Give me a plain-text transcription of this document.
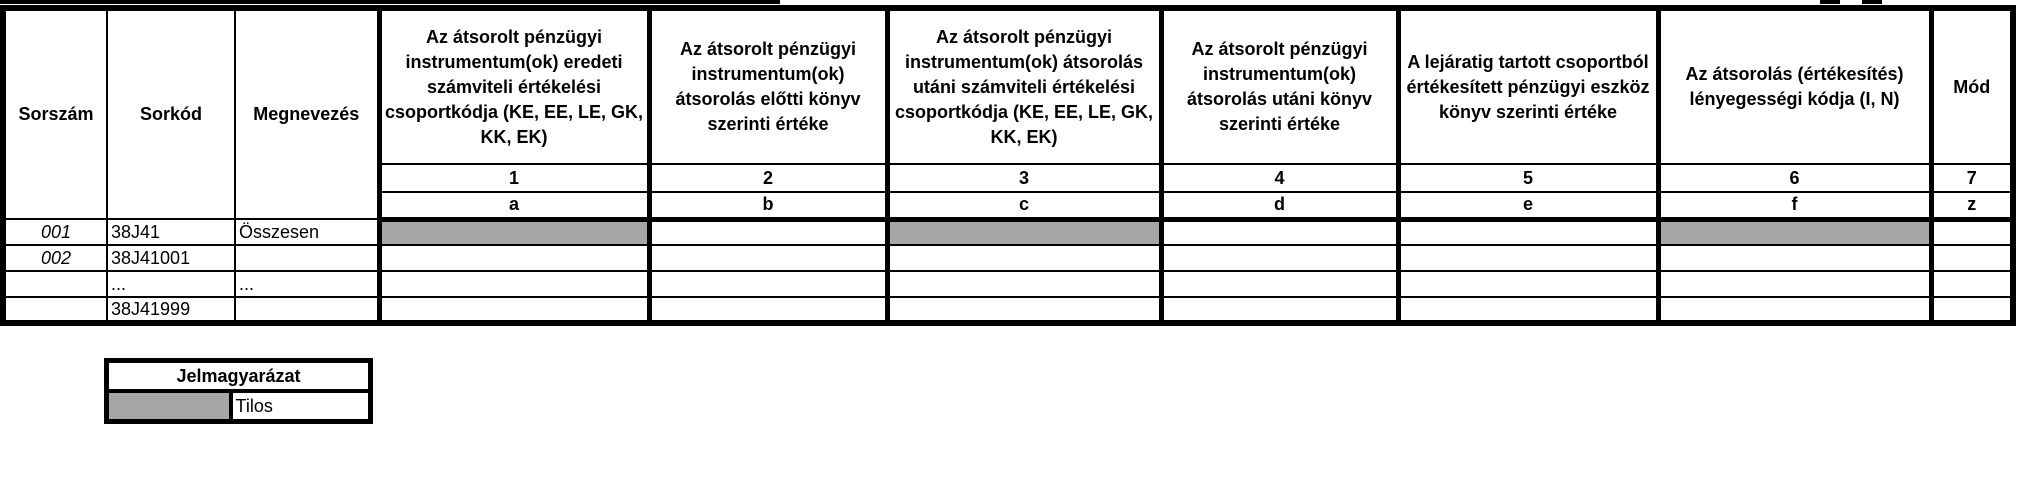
Sorszám	Sorkód	Megnevezés	Az átsorolt pénzügyi instrumentum(ok) eredeti számviteli értékelési csoportkódja (KE, EE, LE, GK, KK, EK)	Az átsorolt pénzügyi instrumentum(ok) átsorolás előtti könyv szerinti értéke	Az átsorolt pénzügyi instrumentum(ok) átsorolás utáni számviteli értékelési csoportkódja (KE, EE, LE, GK, KK, EK)	Az átsorolt pénzügyi instrumentum(ok) átsorolás utáni könyv szerinti értéke	A lejáratig tartott csoportból értékesített pénzügyi eszköz könyv szerinti értéke	Az átsorolás (értékesítés) lényegességi kódja (I, N)	Mód
			1	2	3	4	5	6	7
			a	b	c	d	e	f	z
001	38J41	Összesen							
002	38J41001								
	...	...							
	38J41999								
Jelmagyarázat
	Tilos
